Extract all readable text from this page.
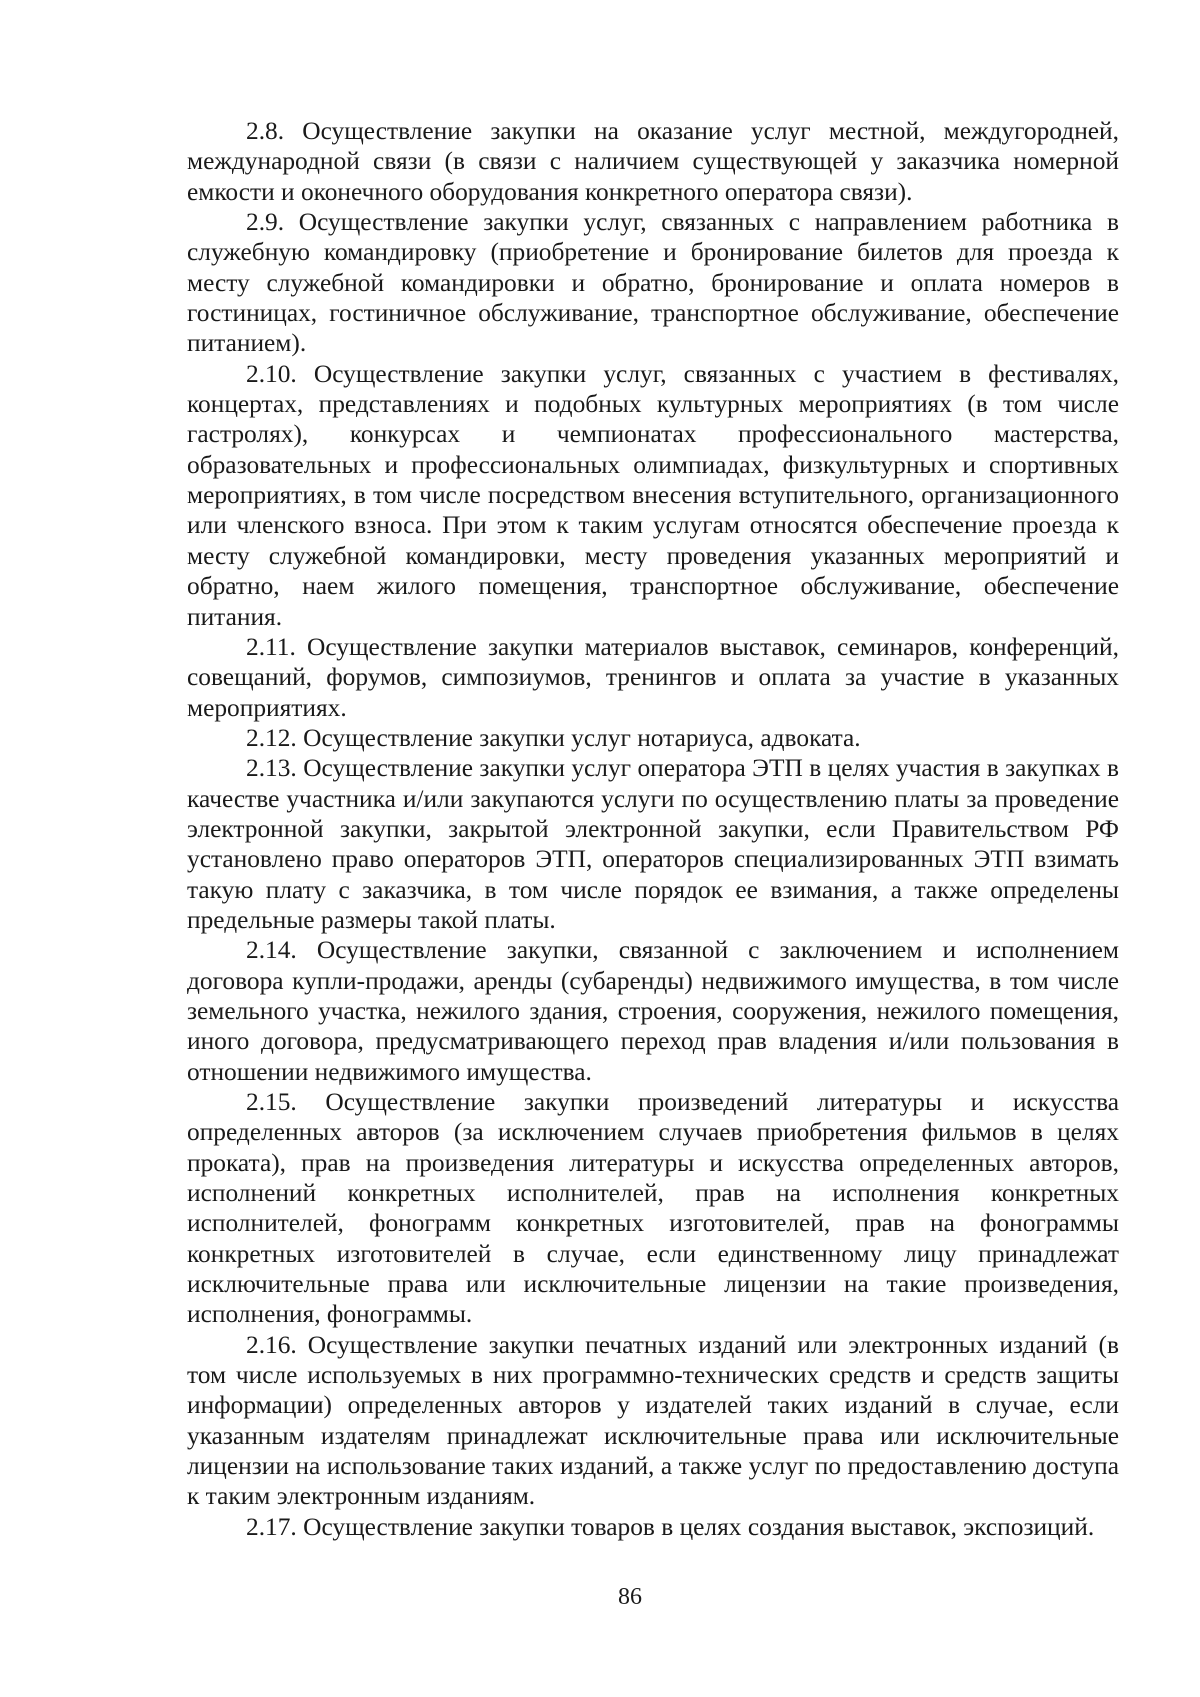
2.8. Осуществление закупки на оказание услуг местной, междугородней, международной связи (в связи с наличием существующей у заказчика номерной емкости и оконечного оборудования конкретного оператора связи).

2.9. Осуществление закупки услуг, связанных с направлением работника в служебную командировку (приобретение и бронирование билетов для проезда к месту служебной командировки и обратно, бронирование и оплата номеров в гостиницах, гостиничное обслуживание, транспортное обслуживание, обеспечение питанием).

2.10. Осуществление закупки услуг, связанных с участием в фестивалях, концертах, представлениях и подобных культурных мероприятиях (в том числе гастролях), конкурсах и чемпионатах профессионального мастерства, образовательных и профессиональных олимпиадах, физкультурных и спортивных мероприятиях, в том числе посредством внесения вступительного, организационного или членского взноса. При этом к таким услугам относятся обеспечение проезда к месту служебной командировки, месту проведения указанных мероприятий и обратно, наем жилого помещения, транспортное обслуживание, обеспечение питания.

2.11. Осуществление закупки материалов выставок, семинаров, конференций, совещаний, форумов, симпозиумов, тренингов и оплата за участие в указанных мероприятиях.

2.12. Осуществление закупки услуг нотариуса, адвоката.

2.13. Осуществление закупки услуг оператора ЭТП в целях участия в закупках в качестве участника и/или закупаются услуги по осуществлению платы за проведение электронной закупки, закрытой электронной закупки, если Правительством РФ установлено право операторов ЭТП, операторов специализированных ЭТП взимать такую плату с заказчика, в том числе порядок ее взимания, а также определены предельные размеры такой платы.

2.14. Осуществление закупки, связанной с заключением и исполнением договора купли-продажи, аренды (субаренды) недвижимого имущества, в том числе земельного участка, нежилого здания, строения, сооружения, нежилого помещения, иного договора, предусматривающего переход прав владения и/или пользования в отношении недвижимого имущества.

2.15. Осуществление закупки произведений литературы и искусства определенных авторов (за исключением случаев приобретения фильмов в целях проката), прав на произведения литературы и искусства определенных авторов, исполнений конкретных исполнителей, прав на исполнения конкретных исполнителей, фонограмм конкретных изготовителей, прав на фонограммы конкретных изготовителей в случае, если единственному лицу принадлежат исключительные права или исключительные лицензии на такие произведения, исполнения, фонограммы.

2.16. Осуществление закупки печатных изданий или электронных изданий (в том числе используемых в них программно-технических средств и средств защиты информации) определенных авторов у издателей таких изданий в случае, если указанным издателям принадлежат исключительные права или исключительные лицензии на использование таких изданий, а также услуг по предоставлению доступа к таким электронным изданиям.

2.17. Осуществление закупки товаров в целях создания выставок, экспозиций.

86
